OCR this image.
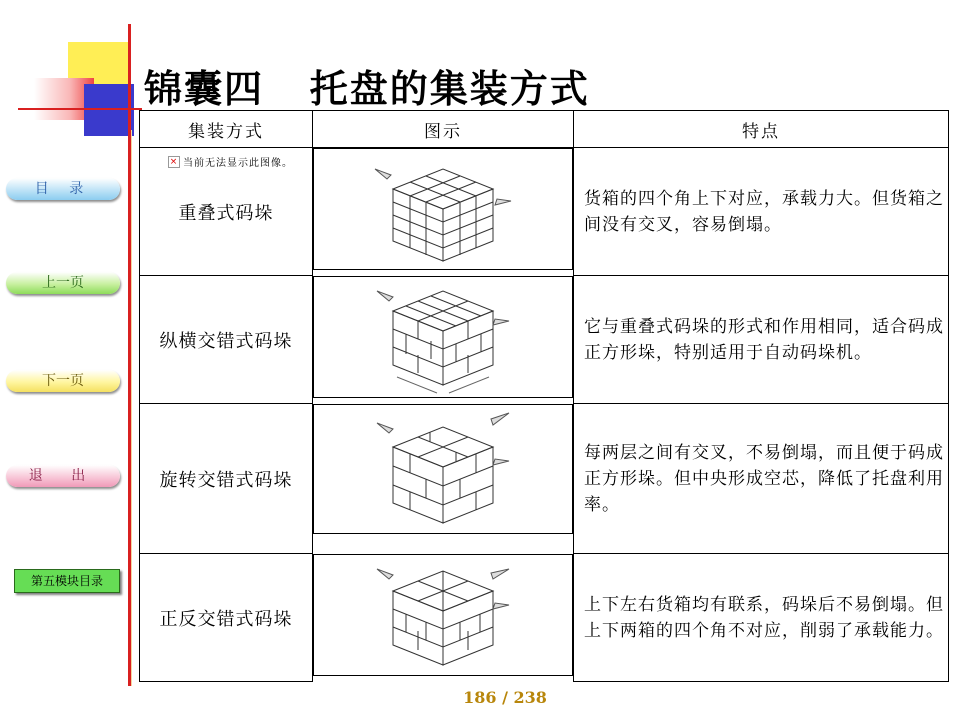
锦囊四   托盘的集装方式
目 录
上一页
下一页
退 出
第五模块目录
集装方式	图示	特点

× 当前无法显示此图像。
重叠式码垛	货箱的四个角上下对应，承载力大。但货箱之间没有交叉，容易倒塌。
纵横交错式码垛	它与重叠式码垛的形式和作用相同，适合码成正方形垛，特别适用于自动码垛机。
旋转交错式码垛	每两层之间有交叉，不易倒塌，而且便于码成正方形垛。但中央形成空芯，降低了托盘利用率。
正反交错式码垛	上下左右货箱均有联系，码垛后不易倒塌。但上下两箱的四个角不对应，削弱了承载能力。
186 / 238
